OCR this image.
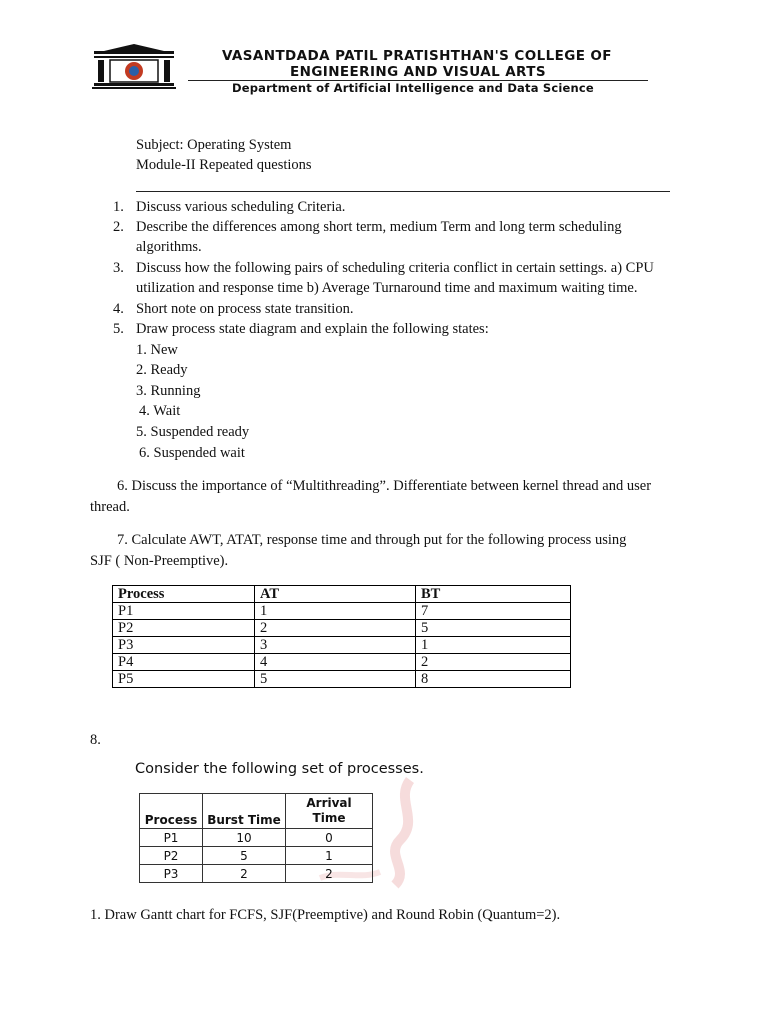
VASANTDADA PATIL PRATISHTHAN'S COLLEGE OF
ENGINEERING AND VISUAL ARTS
Department of Artificial Intelligence and Data Science
Subject: Operating System
Module-II Repeated questions
1. Discuss various scheduling Criteria.
2. Describe the differences among short term, medium Term and long term scheduling
algorithms.
3. Discuss how the following pairs of scheduling criteria conflict in certain settings. a) CPU
utilization and response time b) Average Turnaround time and maximum waiting time.
4. Short note on process state transition.
5. Draw process state diagram and explain the following states:
1. New
2. Ready
3. Running
4. Wait
5. Suspended ready
6. Suspended wait
6. Discuss the importance of “Multithreading”. Differentiate between kernel thread and user
thread.
7. Calculate AWT, ATAT, response time and through put for the following process using
SJF ( Non-Preemptive).
Process	AT	BT
P1	1	7
P2	2	5
P3	3	1
P4	4	2
P5	5	8
8.
Consider the following set of processes.
Process	Burst Time	Arrival Time
P1	10	0
P2	5	1
P3	2	2
1. Draw Gantt chart for FCFS, SJF(Preemptive) and Round Robin (Quantum=2).
